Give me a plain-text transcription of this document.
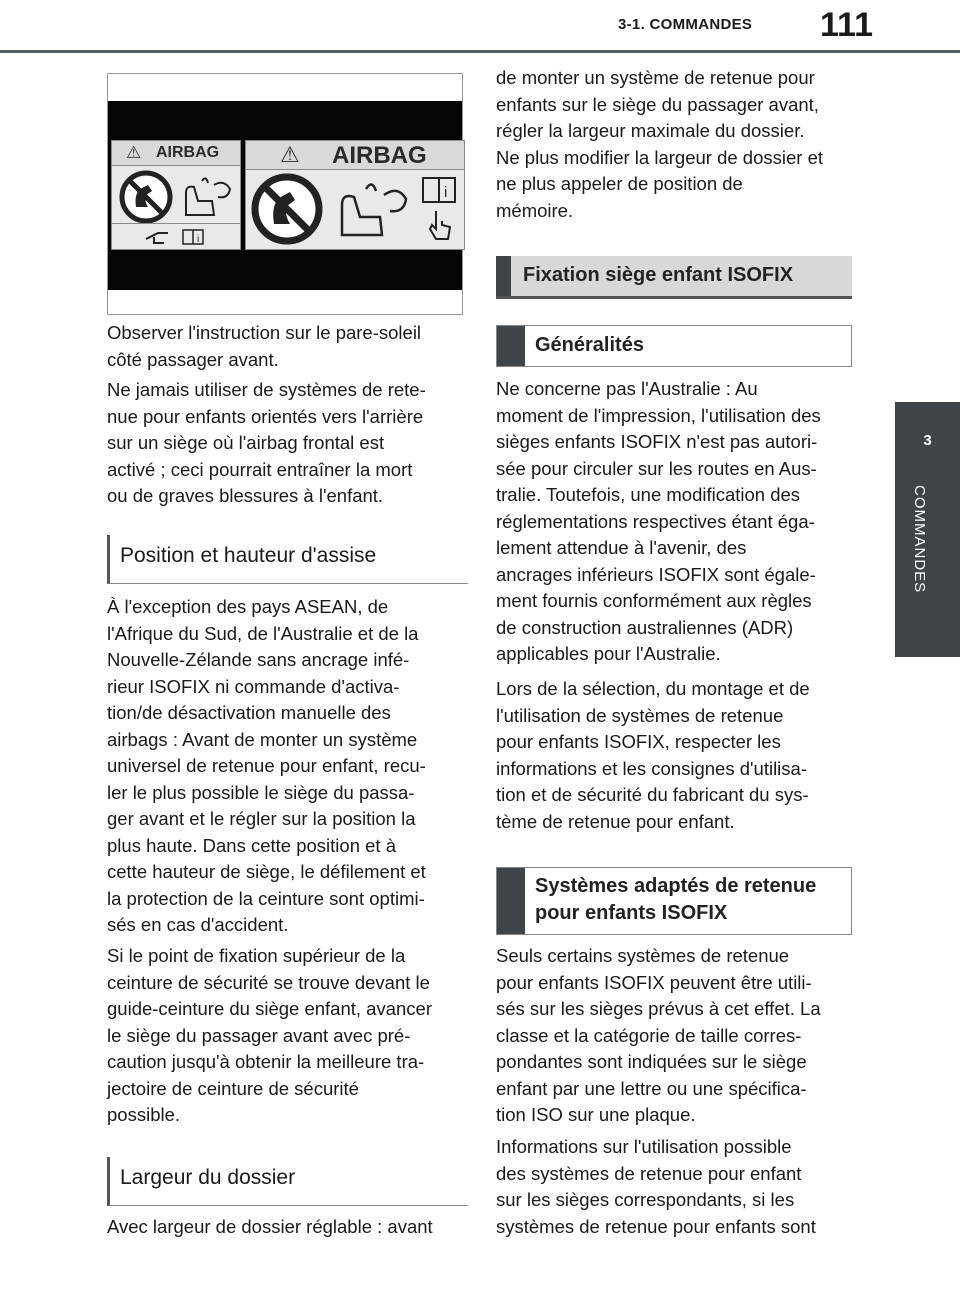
3-1. COMMANDES 111
3
COMMANDES
⚠ AIRBAG
i
⚠ AIRBAG
i

Observer l'instruction sur le pare-soleil
côté passager avant.

Ne jamais utiliser de systèmes de rete-
nue pour enfants orientés vers l'arrière
sur un siège où l'airbag frontal est
activé ; ceci pourrait entraîner la mort
ou de graves blessures à l'enfant.

Position et hauteur d'assise

À l'exception des pays ASEAN, de
l'Afrique du Sud, de l'Australie et de la
Nouvelle-Zélande sans ancrage infé-
rieur ISOFIX ni commande d'activa-
tion/de désactivation manuelle des
airbags : Avant de monter un système
universel de retenue pour enfant, recu-
ler le plus possible le siège du passa-
ger avant et le régler sur la position la
plus haute. Dans cette position et à
cette hauteur de siège, le défilement et
la protection de la ceinture sont optimi-
sés en cas d'accident.

Si le point de fixation supérieur de la
ceinture de sécurité se trouve devant le
guide-ceinture du siège enfant, avancer
le siège du passager avant avec pré-
caution jusqu'à obtenir la meilleure tra-
jectoire de ceinture de sécurité
possible.

Largeur du dossier

Avec largeur de dossier réglable : avant

de monter un système de retenue pour
enfants sur le siège du passager avant,
régler la largeur maximale du dossier.
Ne plus modifier la largeur de dossier et
ne plus appeler de position de
mémoire.

Fixation siège enfant ISOFIX
Généralités

Ne concerne pas l'Australie : Au
moment de l'impression, l'utilisation des
sièges enfants ISOFIX n'est pas autori-
sée pour circuler sur les routes en Aus-
tralie. Toutefois, une modification des
réglementations respectives étant éga-
lement attendue à l'avenir, des
ancrages inférieurs ISOFIX sont égale-
ment fournis conformément aux règles
de construction australiennes (ADR)
applicables pour l'Australie.

Lors de la sélection, du montage et de
l'utilisation de systèmes de retenue
pour enfants ISOFIX, respecter les
informations et les consignes d'utilisa-
tion et de sécurité du fabricant du sys-
tème de retenue pour enfant.

Systèmes adaptés de retenue
pour enfants ISOFIX

Seuls certains systèmes de retenue
pour enfants ISOFIX peuvent être utili-
sés sur les sièges prévus à cet effet. La
classe et la catégorie de taille corres-
pondantes sont indiquées sur le siège
enfant par une lettre ou une spécifica-
tion ISO sur une plaque.

Informations sur l'utilisation possible
des systèmes de retenue pour enfant
sur les sièges correspondants, si les
systèmes de retenue pour enfants sont
